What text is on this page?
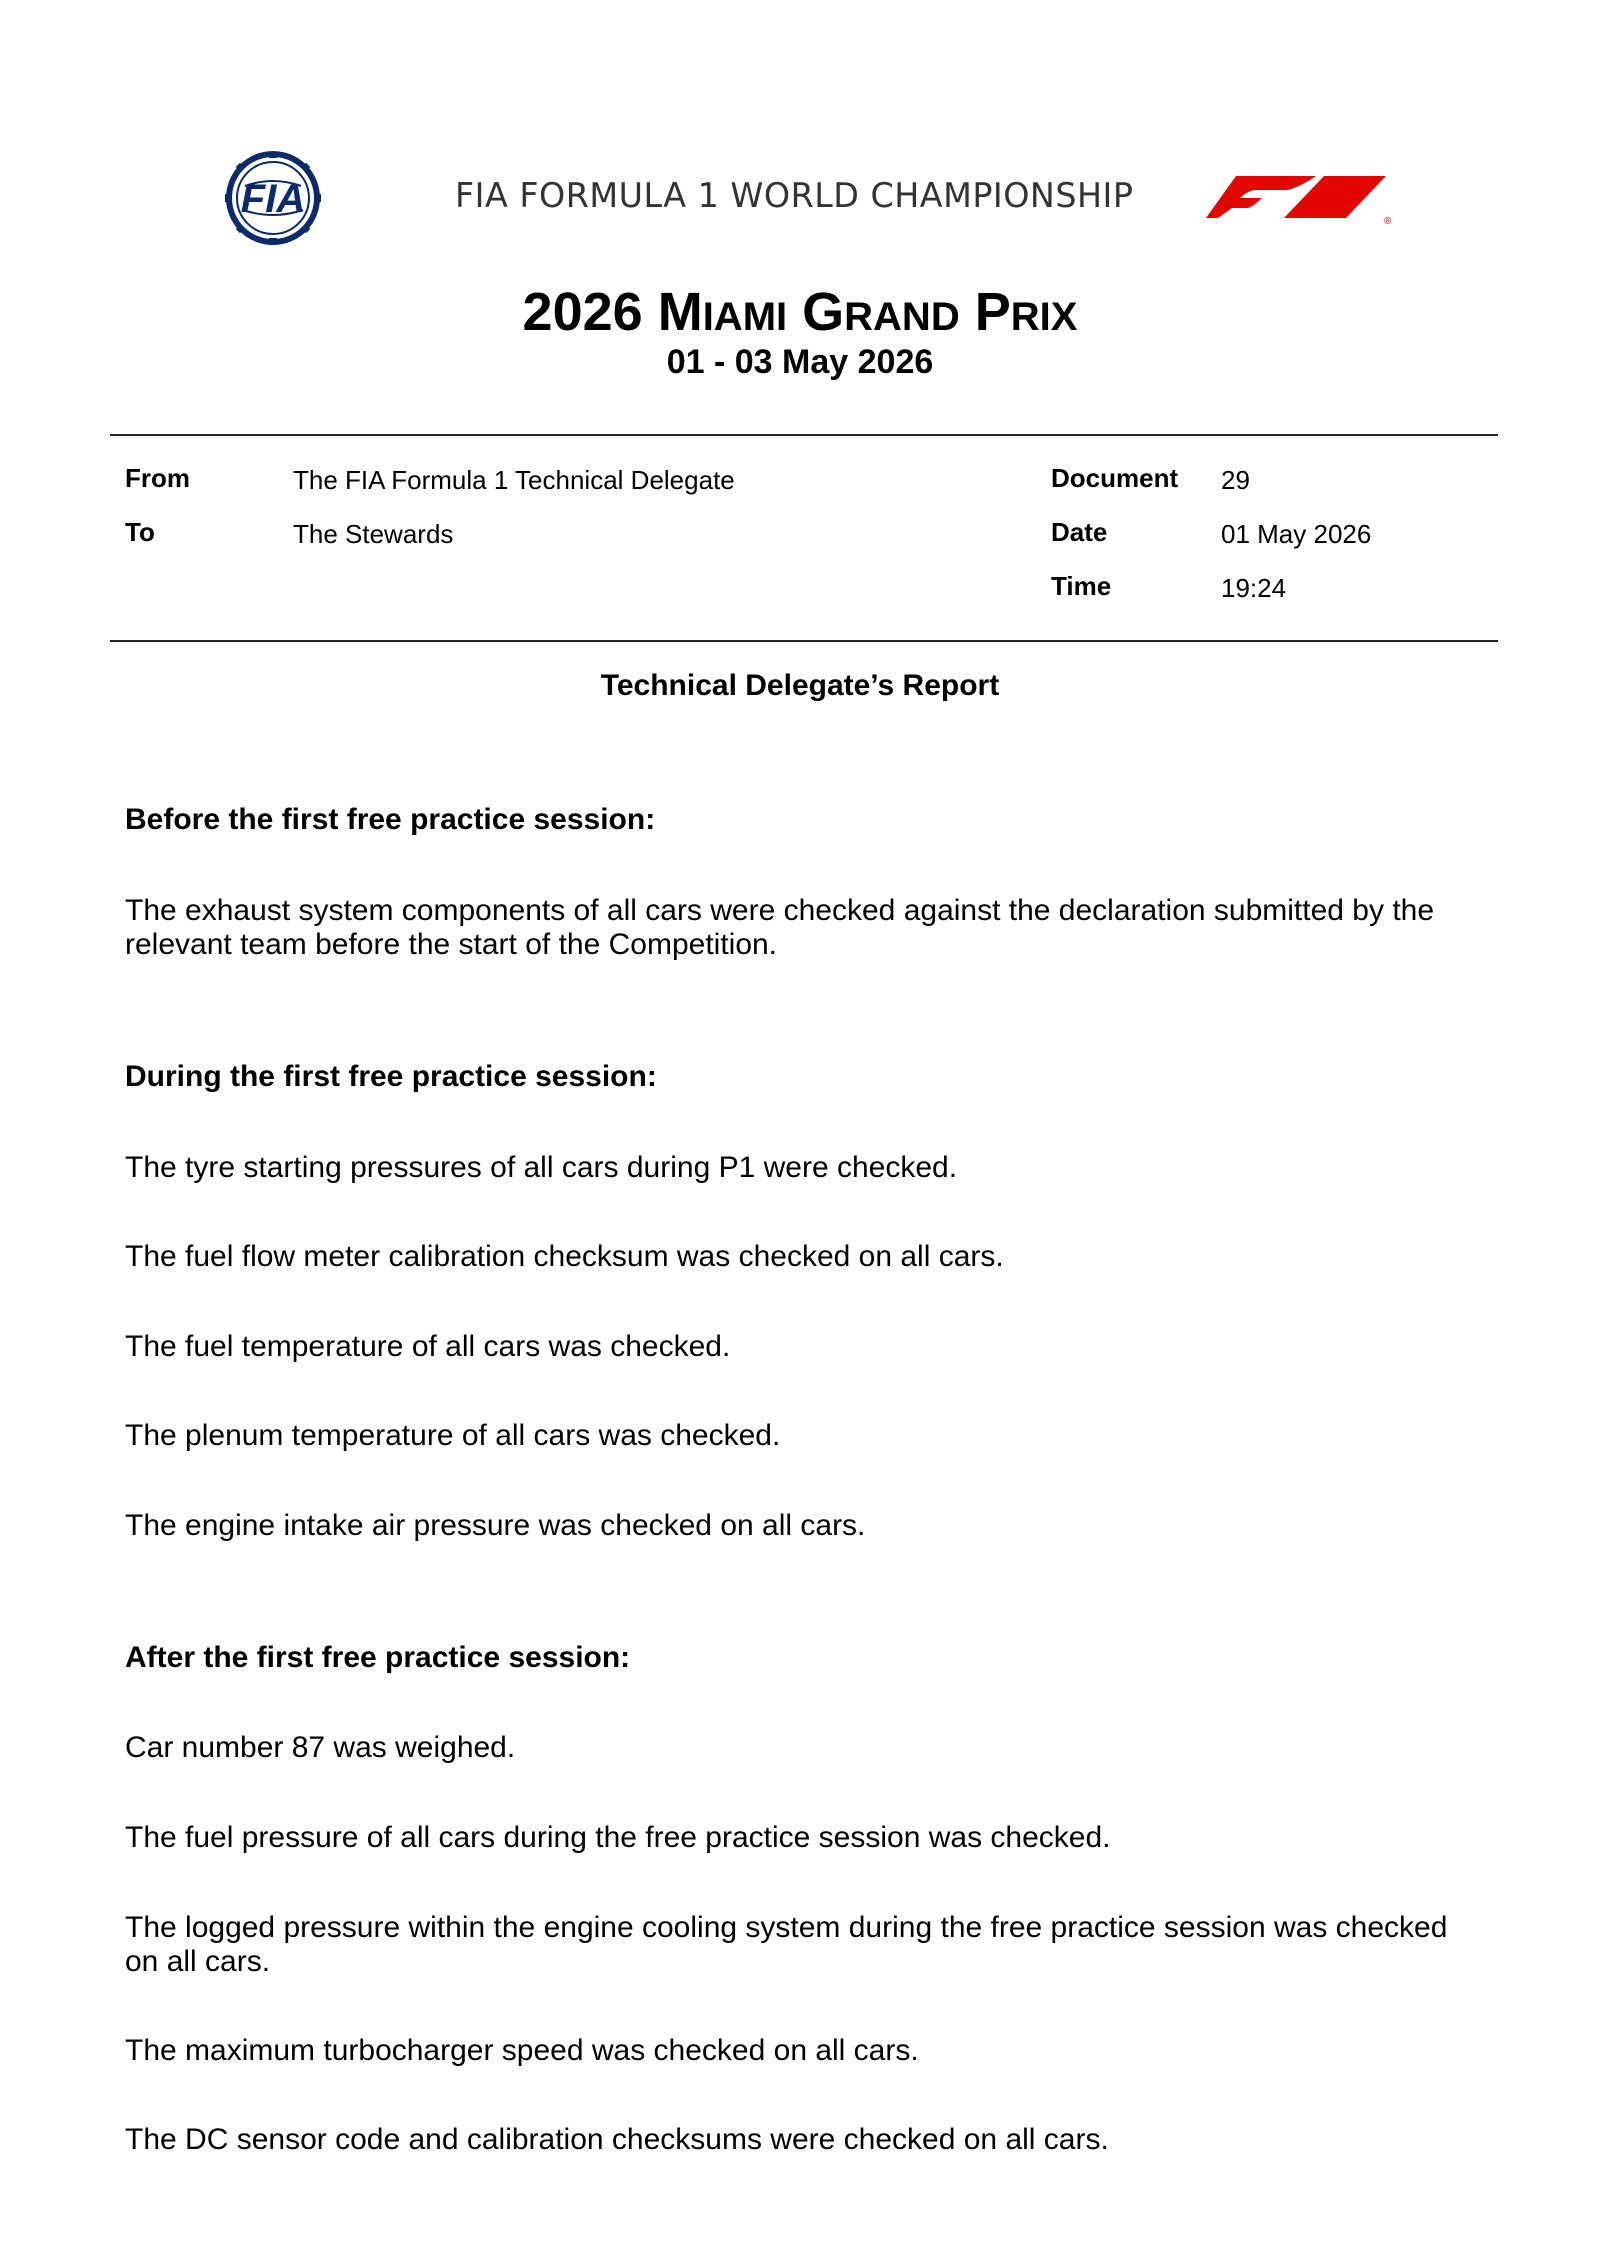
FIA	FIA FORMULA 1 WORLD CHAMPIONSHIP
®
2026 MIAMI GRAND PRIX
01 - 03 May 2026
From	The FIA Formula 1 Technical Delegate
To	The Stewards
Document 29
Date	01 May 2026
Time	19:24
Technical Delegate’s Report
Before the first free practice session:
The exhaust system components of all cars were checked against the declaration submitted by the relevant team before the start of the Competition.
During the first free practice session:
The tyre starting pressures of all cars during P1 were checked.
The fuel flow meter calibration checksum was checked on all cars.
The fuel temperature of all cars was checked.
The plenum temperature of all cars was checked.
The engine intake air pressure was checked on all cars.
After the first free practice session:
Car number 87 was weighed.
The fuel pressure of all cars during the free practice session was checked.
The logged pressure within the engine cooling system during the free practice session was checked on all cars.
The maximum turbocharger speed was checked on all cars.
The DC sensor code and calibration checksums were checked on all cars.
